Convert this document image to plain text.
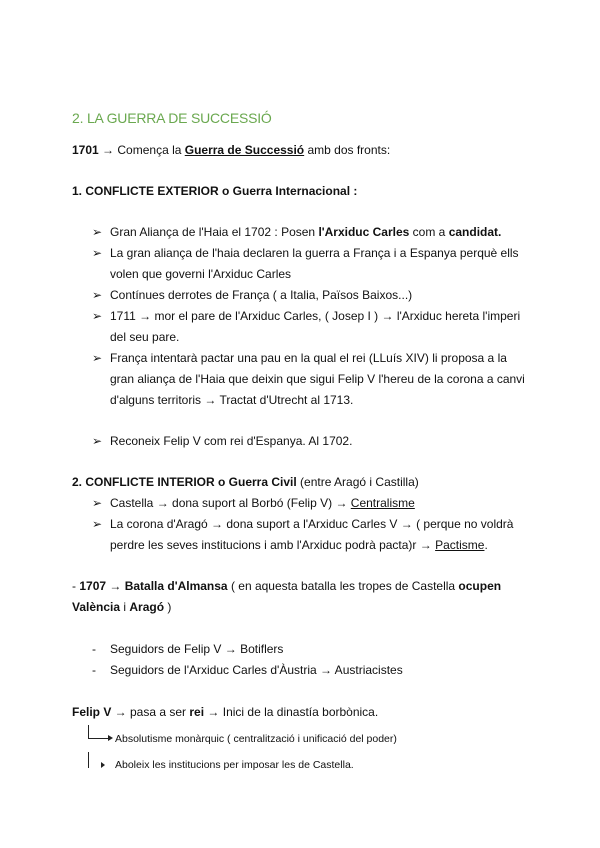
2. LA GUERRA DE SUCCESSIÓ
1701 → Comença la Guerra de Successió amb dos fronts:
1. CONFLICTE EXTERIOR o Guerra Internacional :
➢ Gran Aliança de l'Haia el 1702 : Posen l'Arxiduc Carles com a candidat.
➢ La gran aliança de l'haia declaren la guerra a França i a Espanya perquè ells
volen que governi l'Arxiduc Carles
➢ Contínues derrotes de França ( a Italia, Països Baixos...)
➢ 1711 → mor el pare de l'Arxiduc Carles, ( Josep I ) → l'Arxiduc hereta l'imperi
del seu pare.
➢ França intentarà pactar una pau en la qual el rei (LLuís XIV) li proposa a la
gran aliança de l'Haia que deixin que sigui Felip V l'hereu de la corona a canvi
d'alguns territoris → Tractat d'Utrecht al 1713.
➢ Reconeix Felip V com rei d'Espanya. Al 1702.
2. CONFLICTE INTERIOR o Guerra Civil (entre Aragó i Castilla)
➢ Castella → dona suport al Borbó (Felip V) → Centralisme
➢ La corona d'Aragó → dona suport a l'Arxiduc Carles V → ( perque no voldrà
perdre les seves institucions i amb l'Arxiduc podrà pacta)r → Pactisme.
- 1707 → Batalla d'Almansa ( en aquesta batalla les tropes de Castella ocupen
València i Aragó )
- Seguidors de Felip V → Botiflers
- Seguidors de l'Arxiduc Carles d'Àustria → Austriacistes
Felip V → pasa a ser rei → Inici de la dinastía borbònica.
Absolutisme monàrquic ( centralització i unificació del poder)
Aboleix les institucions per imposar les de Castella.
